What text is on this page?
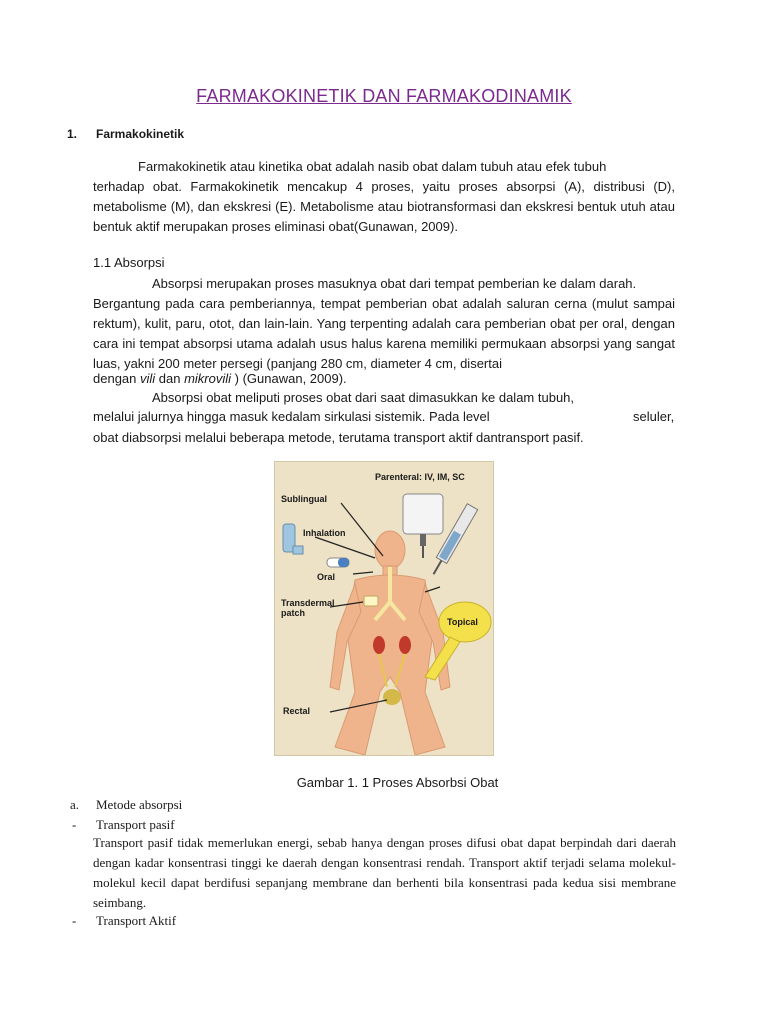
FARMAKOKINETIK DAN FARMAKODINAMIK
1. Farmakokinetik
Farmakokinetik atau kinetika obat adalah nasib obat dalam tubuh atau efek tubuh
terhadap obat. Farmakokinetik mencakup 4 proses, yaitu proses absorpsi (A), distribusi (D), metabolisme (M), dan ekskresi (E). Metabolisme atau biotransformasi dan ekskresi bentuk utuh atau bentuk aktif merupakan proses eliminasi obat(Gunawan, 2009).
1.1 Absorpsi
Absorpsi merupakan proses masuknya obat dari tempat pemberian ke dalam darah.
Bergantung pada cara pemberiannya, tempat pemberian obat adalah saluran cerna (mulut sampai rektum), kulit, paru, otot, dan lain-lain. Yang terpenting adalah cara pemberian obat per oral, dengan cara ini tempat absorpsi utama adalah usus halus karena memiliki permukaan absorpsi yang sangat luas, yakni 200 meter persegi (panjang 280 cm, diameter 4 cm, disertai
dengan vili dan mikrovili ) (Gunawan, 2009).
Absorpsi obat meliputi proses obat dari saat dimasukkan ke dalam tubuh,
melalui jalurnya hingga masuk kedalam sirkulasi sistemik. Pada level	seluler,
obat diabsorpsi melalui beberapa metode, terutama transport aktif dantransport pasif.
Parenteral: IV, IM, SC
Sublingual
Inhalation
Oral
Transdermal
patch
Topical
Rectal
Gambar 1. 1 Proses Absorbsi Obat
a. Metode absorpsi
- Transport pasif
Transport pasif tidak memerlukan energi, sebab hanya dengan proses difusi obat dapat berpindah dari daerah dengan kadar konsentrasi tinggi ke daerah dengan konsentrasi rendah. Transport aktif terjadi selama molekul-molekul kecil dapat berdifusi sepanjang membrane dan berhenti bila konsentrasi pada kedua sisi membrane seimbang.
- Transport Aktif
